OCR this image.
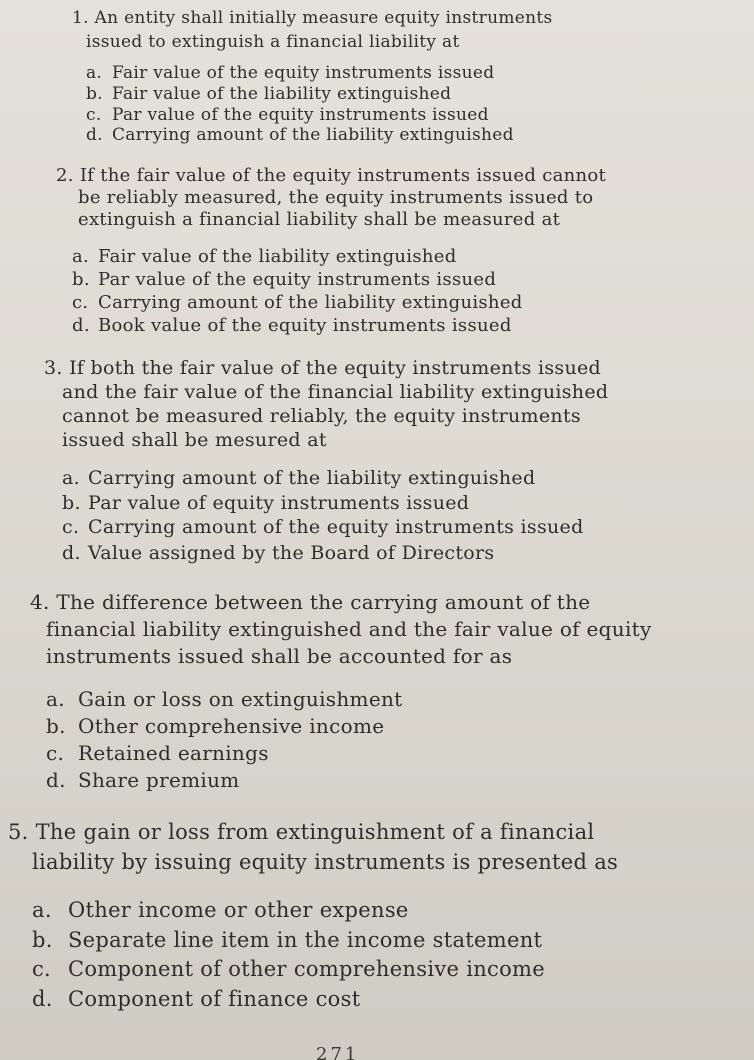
1. An entity shall initially measure equity instruments
issued to extinguish a financial liability at
a. Fair value of the equity instruments issued
b. Fair value of the liability extinguished
c. Par value of the equity instruments issued
d. Carrying amount of the liability extinguished
2. If the fair value of the equity instruments issued cannot
be reliably measured, the equity instruments issued to
extinguish a financial liability shall be measured at
a. Fair value of the liability extinguished
b. Par value of the equity instruments issued
c. Carrying amount of the liability extinguished
d. Book value of the equity instruments issued
3. If both the fair value of the equity instruments issued
and the fair value of the financial liability extinguished
cannot be measured reliably, the equity instruments
issued shall be mesured at
a. Carrying amount of the liability extinguished
b. Par value of equity instruments issued
c. Carrying amount of the equity instruments issued
d. Value assigned by the Board of Directors
4. The difference between the carrying amount of the
financial liability extinguished and the fair value of equity
instruments issued shall be accounted for as
a. Gain or loss on extinguishment
b. Other comprehensive income
c. Retained earnings
d. Share premium
5. The gain or loss from extinguishment of a financial
liability by issuing equity instruments is presented as
a. Other income or other expense
b. Separate line item in the income statement
c. Component of other comprehensive income
d. Component of finance cost
271
